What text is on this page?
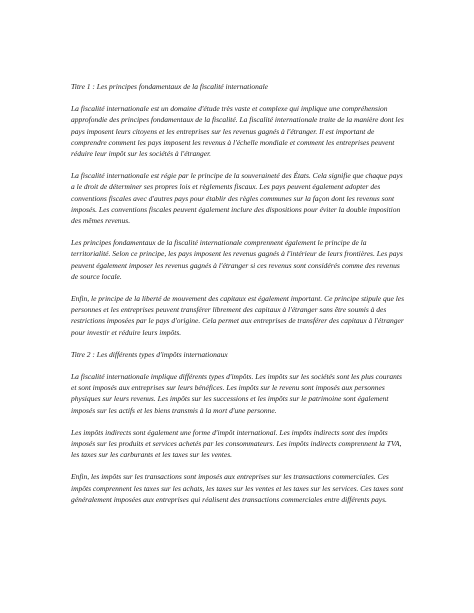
Titre 1 : Les principes fondamentaux de la fiscalité internationale

La fiscalité internationale est un domaine d'étude très vaste et complexe qui implique une compréhension approfondie des principes fondamentaux de la fiscalité. La fiscalité internationale traite de la manière dont les pays imposent leurs citoyens et les entreprises sur les revenus gagnés à l'étranger. Il est important de comprendre comment les pays imposent les revenus à l'échelle mondiale et comment les entreprises peuvent réduire leur impôt sur les sociétés à l'étranger.

La fiscalité internationale est régie par le principe de la souveraineté des États. Cela signifie que chaque pays a le droit de déterminer ses propres lois et règlements fiscaux. Les pays peuvent également adopter des conventions fiscales avec d'autres pays pour établir des règles communes sur la façon dont les revenus sont imposés. Les conventions fiscales peuvent également inclure des dispositions pour éviter la double imposition des mêmes revenus.

Les principes fondamentaux de la fiscalité internationale comprennent également le principe de la territorialité. Selon ce principe, les pays imposent les revenus gagnés à l'intérieur de leurs frontières. Les pays peuvent également imposer les revenus gagnés à l'étranger si ces revenus sont considérés comme des revenus de source locale.

Enfin, le principe de la liberté de mouvement des capitaux est également important. Ce principe stipule que les personnes et les entreprises peuvent transférer librement des capitaux à l'étranger sans être soumis à des restrictions imposées par le pays d'origine. Cela permet aux entreprises de transférer des capitaux à l'étranger pour investir et réduire leurs impôts.

Titre 2 : Les différents types d'impôts internationaux

La fiscalité internationale implique différents types d'impôts. Les impôts sur les sociétés sont les plus courants et sont imposés aux entreprises sur leurs bénéfices. Les impôts sur le revenu sont imposés aux personnes physiques sur leurs revenus. Les impôts sur les successions et les impôts sur le patrimoine sont également imposés sur les actifs et les biens transmis à la mort d'une personne.

Les impôts indirects sont également une forme d'impôt international. Les impôts indirects sont des impôts imposés sur les produits et services achetés par les consommateurs. Les impôts indirects comprennent la TVA, les taxes sur les carburants et les taxes sur les ventes.

Enfin, les impôts sur les transactions sont imposés aux entreprises sur les transactions commerciales. Ces impôts comprennent les taxes sur les achats, les taxes sur les ventes et les taxes sur les services. Ces taxes sont généralement imposées aux entreprises qui réalisent des transactions commerciales entre différents pays.
